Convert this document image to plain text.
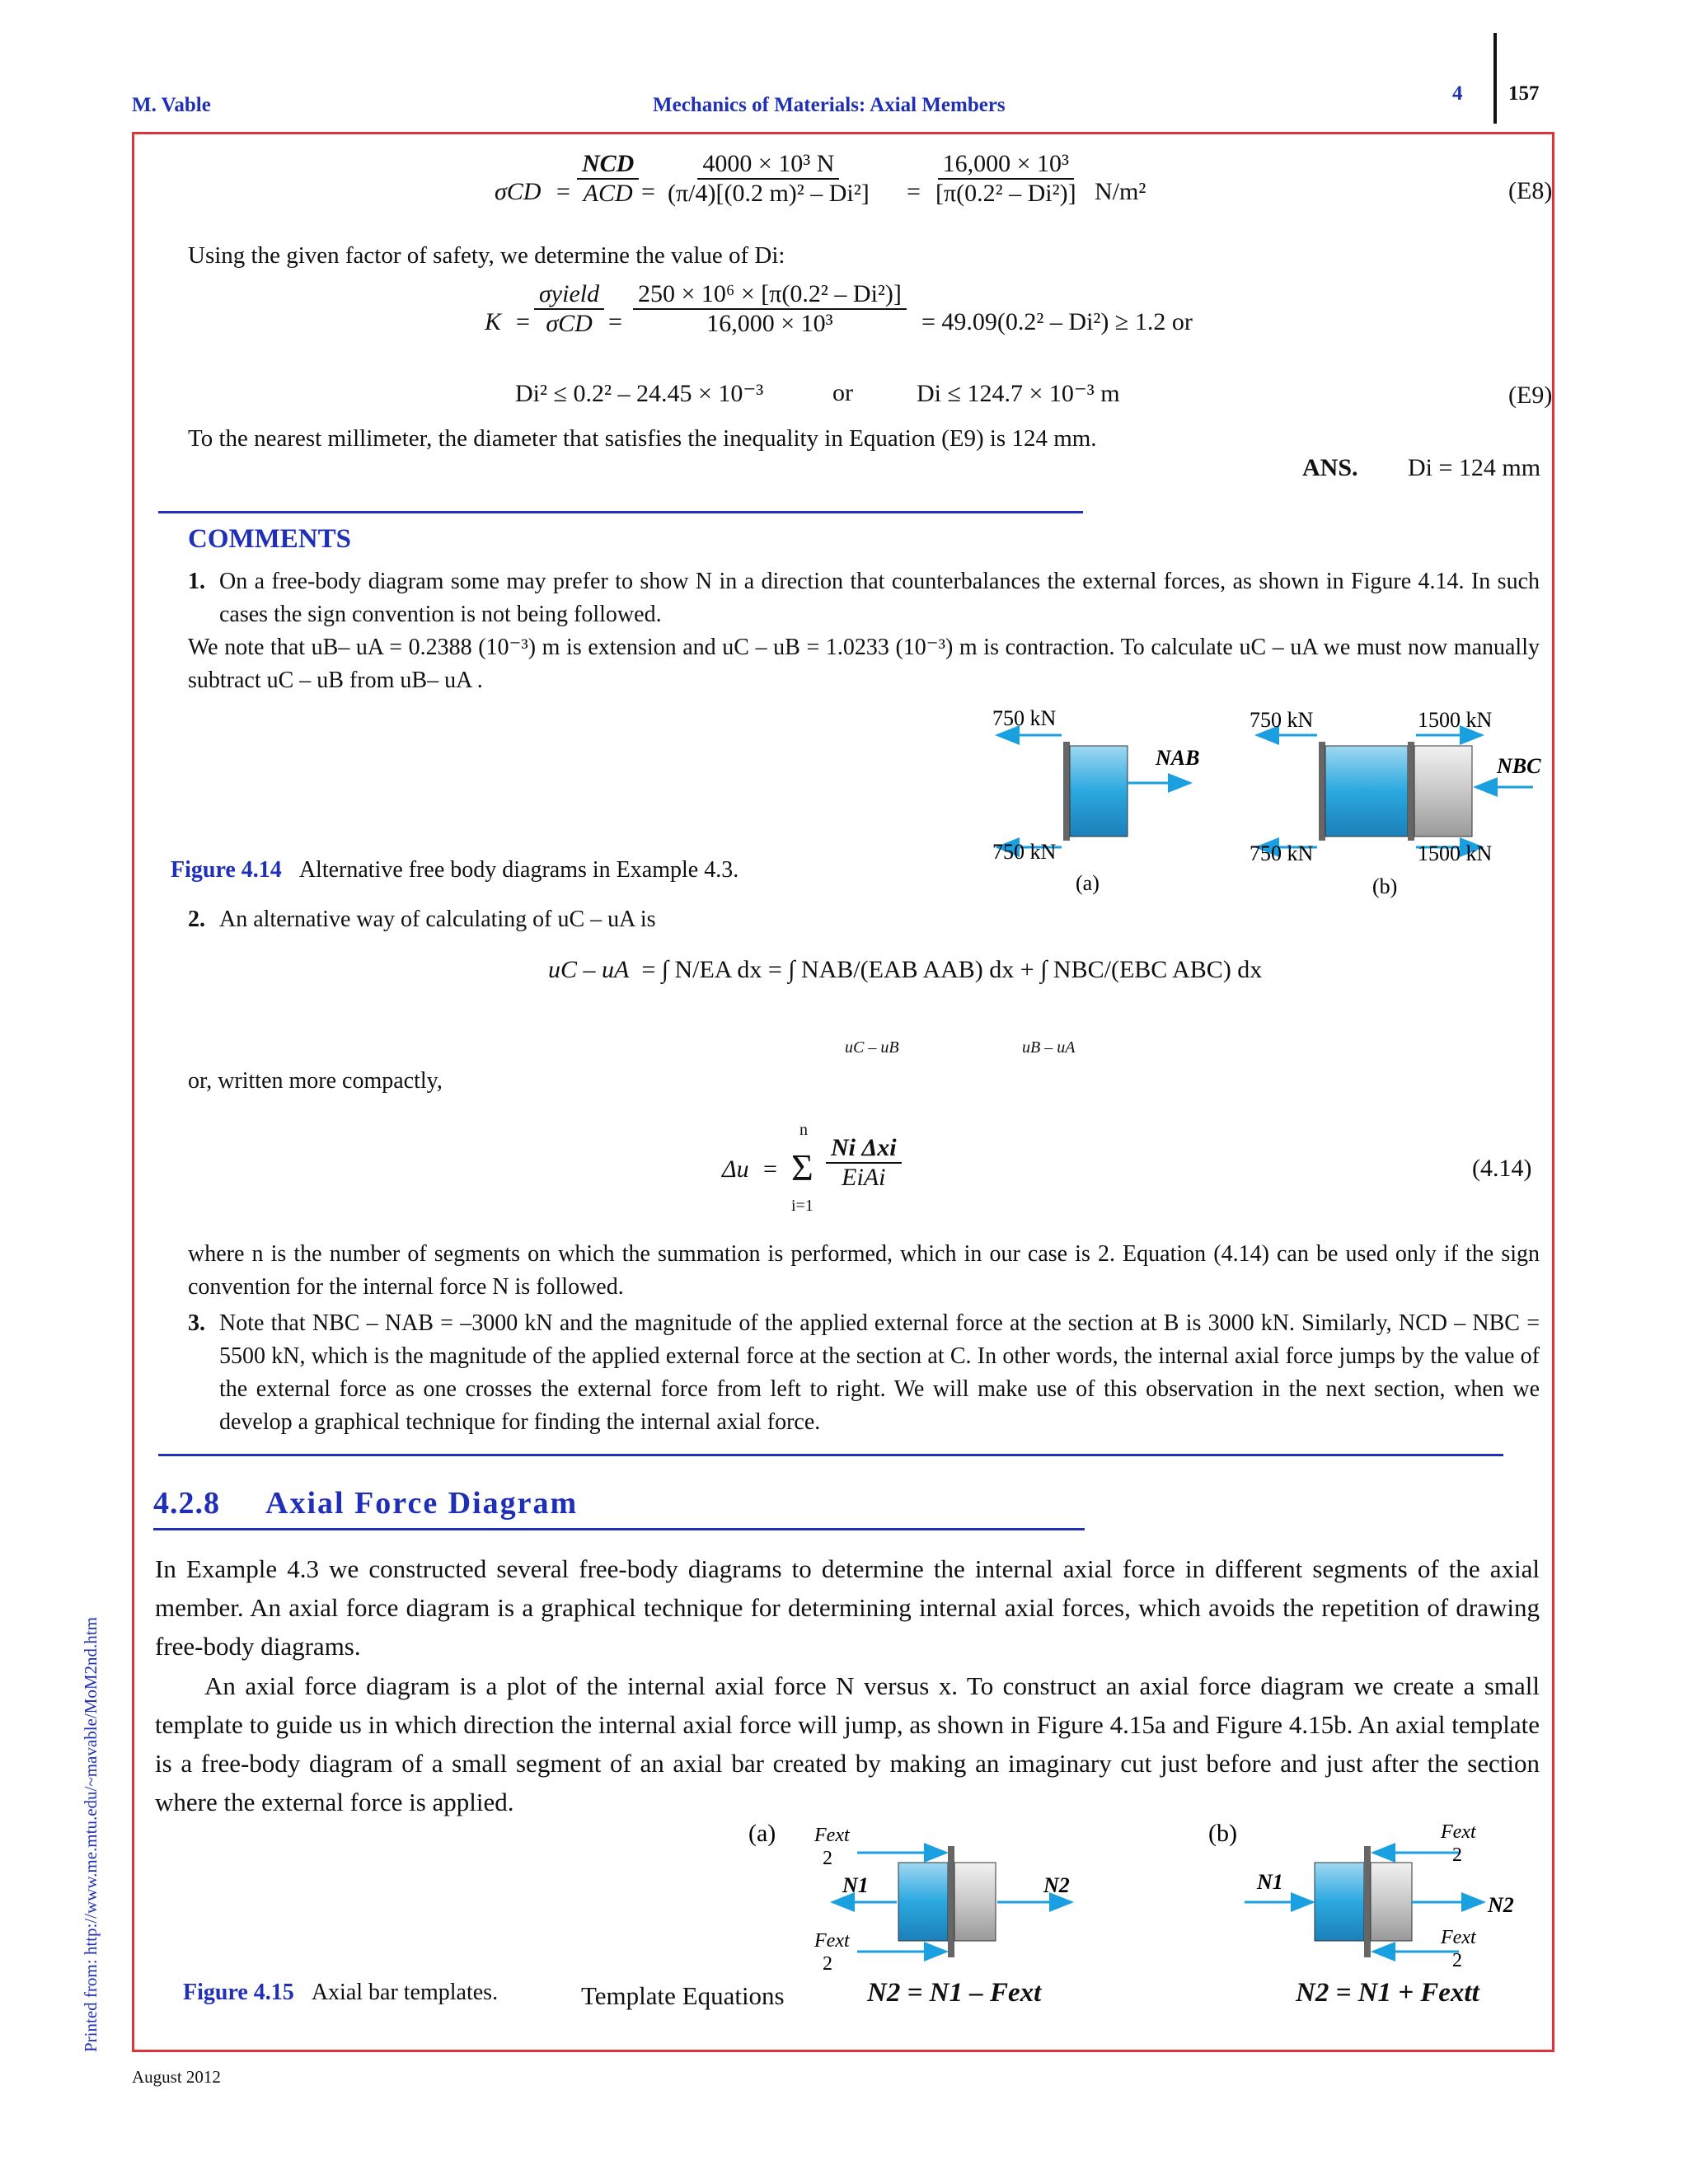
M. Vable	Mechanics of Materials: Axial Members
4 157
Printed from: http://www.me.mtu.edu/~mavable/MoM2nd.htm
σCD =
NCD
ACD = $\frac{\text{4000 × 10³ N}}{\text{(π/4)[(0.2 m)² – Di²]}} = \frac{\text{16,000 × 10³}}{\text{[π(0.2² – Di²)]}} N/m^2$	(E8)
Using the given factor of safety, we determine the value of Di:
K =
σyield
$\sigma CD = \frac{\text{250 × 10⁶ × [π(0.2² – Di²)]}}{\text{16,000 × 10³}} = 49.09(0.2^2 - Di^2) \ge 1.2$ or
Di² ≤ 0.2² – 24.45 × 10⁻³	or	Di ≤ 124.7 × 10⁻³ m	(E9)
To the nearest millimeter, the diameter that satisfies the inequality in Equation (E9) is 124 mm.
ANS. Di = 124 mm
COMMENTS
1. On a free-body diagram some may prefer to show N in a direction that counterbalances the external forces, as shown in Figure 4.14. In such cases the sign convention is not being followed.
We note that uB– uA = 0.2388 (10⁻³) m is extension and uC – uB = 1.0233 (10⁻³) m is contraction. To calculate uC – uA we must now manually subtract uC – uB from uB– uA .
750 kN
750 kN
NAB
(a)
750 kN	1500 kN
750 kN	1500 kN
NBC
(b)
Figure 4.14 Alternative free body diagrams in Example 4.3.
2. An alternative way of calculating of uC – uA is
uC – uA = ∫ N/EA dx = ∫ NAB/(EAB AAB) dx + ∫ NBC/(EBC ABC) dx
uC – uB	uB – uA
or, written more compactly,
Δu =
n
Σ
i=1
Ni Δxi
EiAi	(4.14)
where n is the number of segments on which the summation is performed, which in our case is 2. Equation (4.14) can be used only if the sign convention for the internal force N is followed.
3. Note that NBC – NAB = –3000 kN and the magnitude of the applied external force at the section at B is 3000 kN. Similarly, NCD – NBC = 5500 kN, which is the magnitude of the applied external force at the section at C. In other words, the internal axial force jumps by the value of the external force as one crosses the external force from left to right. We will make use of this observation in the next section, when we develop a graphical technique for finding the internal axial force.
4.2.8 Axial Force Diagram

In Example 4.3 we constructed several free-body diagrams to determine the internal axial force in different segments of the axial member. An axial force diagram is a graphical technique for determining internal axial forces, which avoids the repetition of drawing free-body diagrams.

An axial force diagram is a plot of the internal axial force N versus x. To construct an axial force diagram we create a small template to guide us in which direction the internal axial force will jump, as shown in Figure 4.15a and Figure 4.15b. An axial template is a free-body diagram of a small segment of an axial bar created by making an imaginary cut just before and just after the section where the external force is applied.

(a) Fext
2
Fext
2
N1	N2
(b)	Fext
2
Fext
2
N1
N2
Figure 4.15 Axial bar templates.	Template Equations	N2 = N1 – Fext	N2 = N1 + Fextt
August 2012
